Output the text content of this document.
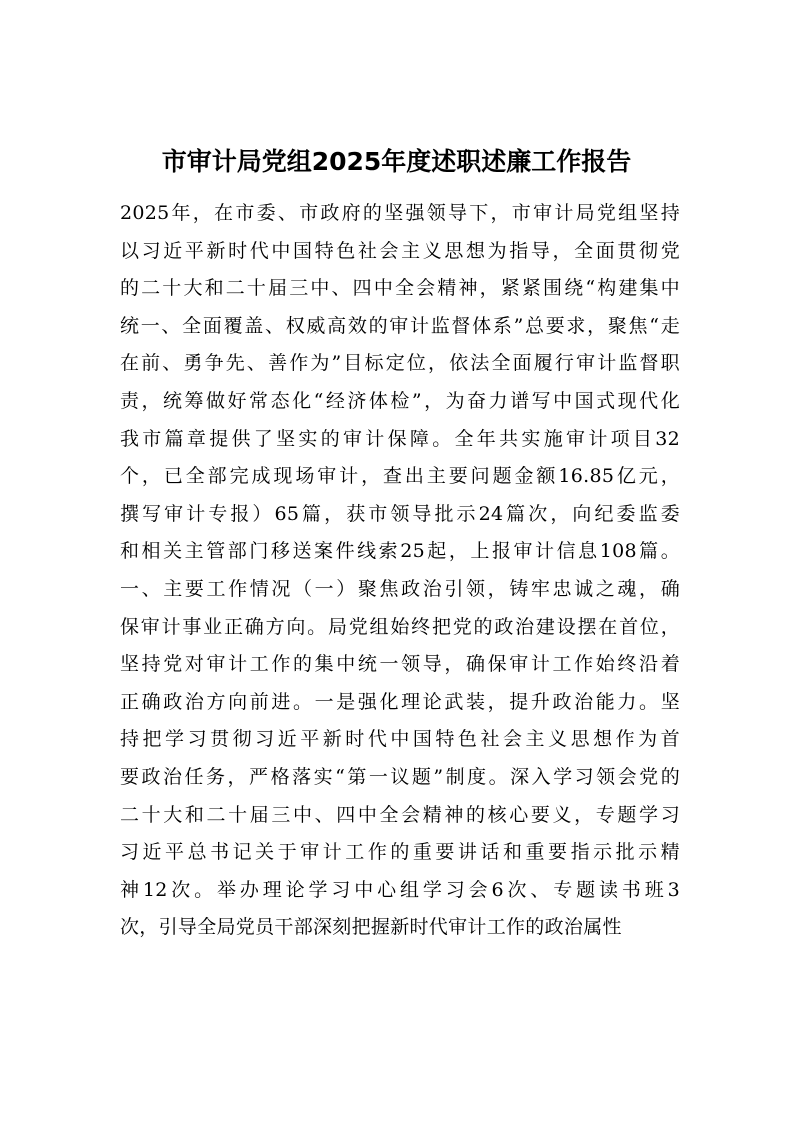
市审计局党组2025年度述职述廉工作报告
2025年，在市委、市政府的坚强领导下，市审计局党组坚持
以习近平新时代中国特色社会主义思想为指导，全面贯彻党
的二十大和二十届三中、四中全会精神，紧紧围绕“构建集中
统一、全面覆盖、权威高效的审计监督体系”总要求，聚焦“走
在前、勇争先、善作为”目标定位，依法全面履行审计监督职
责，统筹做好常态化“经济体检”，为奋力谱写中国式现代化
我市篇章提供了坚实的审计保障。全年共实施审计项目32
个，已全部完成现场审计，查出主要问题金额16.85亿元，
撰写审计专报）65篇，获市领导批示24篇次，向纪委监委
和相关主管部门移送案件线索25起，上报审计信息108篇。
一、主要工作情况（一）聚焦政治引领，铸牢忠诚之魂，确
保审计事业正确方向。局党组始终把党的政治建设摆在首位，
坚持党对审计工作的集中统一领导，确保审计工作始终沿着
正确政治方向前进。一是强化理论武装，提升政治能力。坚
持把学习贯彻习近平新时代中国特色社会主义思想作为首
要政治任务，严格落实“第一议题”制度。深入学习领会党的
二十大和二十届三中、四中全会精神的核心要义，专题学习
习近平总书记关于审计工作的重要讲话和重要指示批示精
神12次。举办理论学习中心组学习会6次、专题读书班3
次，引导全局党员干部深刻把握新时代审计工作的政治属性
